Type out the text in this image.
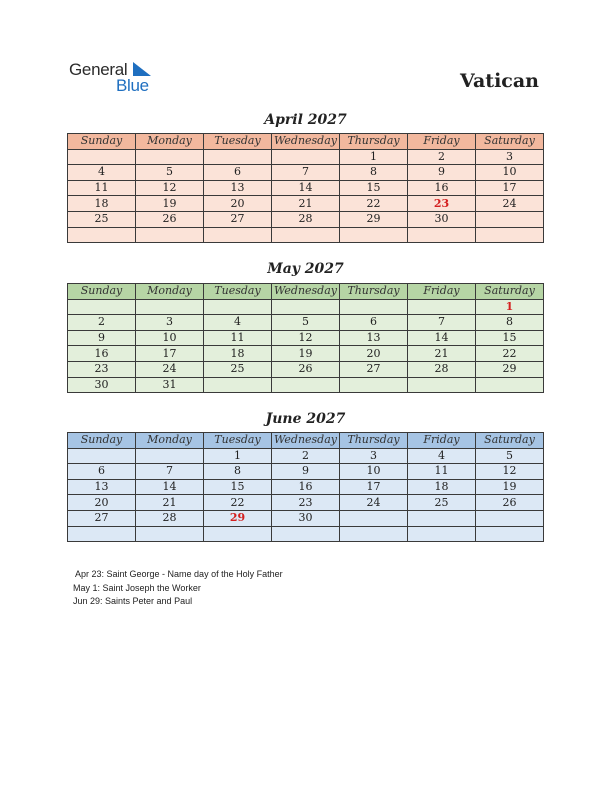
General
Blue	Vatican
April 2027
Sunday	Monday	Tuesday	Wednesday	Thursday	Friday	Saturday
				1	2	3
4	5	6	7	8	9	10
11	12	13	14	15	16	17
18	19	20	21	22	23	24
25	26	27	28	29	30	

May 2027
Sunday	Monday	Tuesday	Wednesday	Thursday	Friday	Saturday
						1
2	3	4	5	6	7	8
9	10	11	12	13	14	15
16	17	18	19	20	21	22
23	24	25	26	27	28	29
30	31					
June 2027
Sunday	Monday	Tuesday	Wednesday	Thursday	Friday	Saturday
		1	2	3	4	5
6	7	8	9	10	11	12
13	14	15	16	17	18	19
20	21	22	23	24	25	26
27	28	29	30			

Apr 23: Saint George - Name day of the Holy Father
May 1: Saint Joseph the Worker
Jun 29: Saints Peter and Paul
